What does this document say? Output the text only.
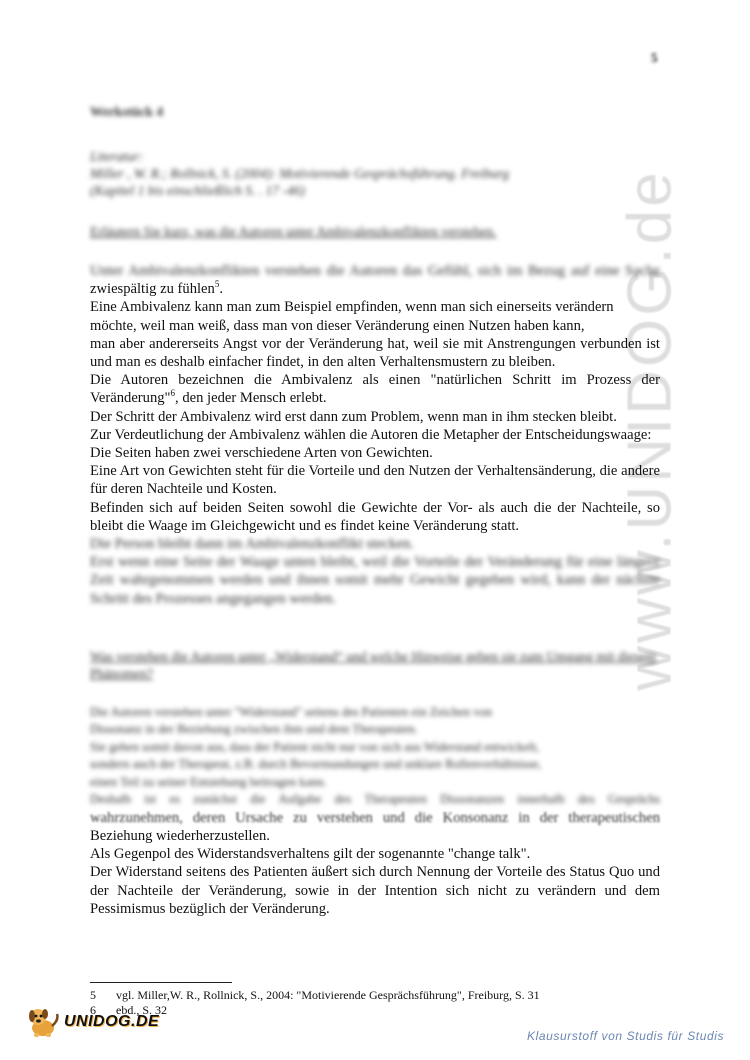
5
www.UNIDOG.de
Werkstück 4
Literatur:
Miller , W. R.; Rollnick, S. (2004): Motivierende Gesprächsführung. Freiburg
(Kapitel 1 bis einschließlich S. . 17 -46)
Erläutern Sie kurz, was die Autoren unter Ambivalenzkonflikten verstehen.

Unter Ambivalenzkonflikten verstehen die Autoren das Gefühl, sich im Bezug auf eine Sache

zwiespältig zu fühlen$^5$.

Eine Ambivalenz kann man zum Beispiel empfinden, wenn man sich einerseits verändern möchte, weil man weiß, dass man von dieser Veränderung einen Nutzen haben kann,

man aber andererseits Angst vor der Veränderung hat, weil sie mit Anstrengungen verbunden ist und man es deshalb einfacher findet, in den alten Verhaltensmustern zu bleiben.

Die Autoren bezeichnen die Ambivalenz als einen "natürlichen Schritt im Prozess der Veränderung"$^6$, den jeder Mensch erlebt.

Der Schritt der Ambivalenz wird erst dann zum Problem, wenn man in ihm stecken bleibt.

Zur Verdeutlichung der Ambivalenz wählen die Autoren die Metapher der Entscheidungswaage:

Die Seiten haben zwei verschiedene Arten von Gewichten.

Eine Art von Gewichten steht für die Vorteile und den Nutzen der Verhaltensänderung, die andere für deren Nachteile und Kosten.

Befinden sich auf beiden Seiten sowohl die Gewichte der Vor- als auch die der Nachteile, so bleibt die Waage im Gleichgewicht und es findet keine Veränderung statt.

Die Person bleibt dann im Ambivalenzkonflikt stecken.

Erst wenn eine Seite der Waage unten bleibt, weil die Vorteile der Veränderung für eine längere Zeit wahrgenommen werden und ihnen somit mehr Gewicht gegeben wird, kann der nächste Schritt des Prozesses angegangen werden.

Was verstehen die Autoren unter „Widerstand“ und welche Hinweise geben sie zum Umgang mit diesem Phänomen?

Die Autoren verstehen unter "Widerstand" seitens des Patienten ein Zeichen von

Dissonanz in der Beziehung zwischen ihm und dem Therapeuten.

Sie gehen somit davon aus, dass der Patient nicht nur von sich aus Widerstand entwickelt,

sondern auch der Therapeut, z.B. durch Bevormundungen und unklare Rollenverhältnisse,

einen Teil zu seiner Entstehung beitragen kann.

Deshalb ist es zunächst die Aufgabe des Therapeuten Dissonanzen innerhalb des Gesprächs

wahrzunehmen, deren Ursache zu verstehen und die Konsonanz in der therapeutischen

Beziehung wiederherzustellen.

Als Gegenpol des Widerstandsverhaltens gilt der sogenannte "change talk".

Der Widerstand seitens des Patienten äußert sich durch Nennung der Vorteile des Status Quo und der Nachteile der Veränderung, sowie in der Intention sich nicht zu verändern und dem Pessimismus bezüglich der Veränderung.

5	vgl. Miller,W. R., Rollnick, S., 2004: "Motivierende Gesprächsführung", Freiburg, S. 31
6	ebd., S. 32
UNIDOG.DE
Klausurstoff von Studis für Studis
